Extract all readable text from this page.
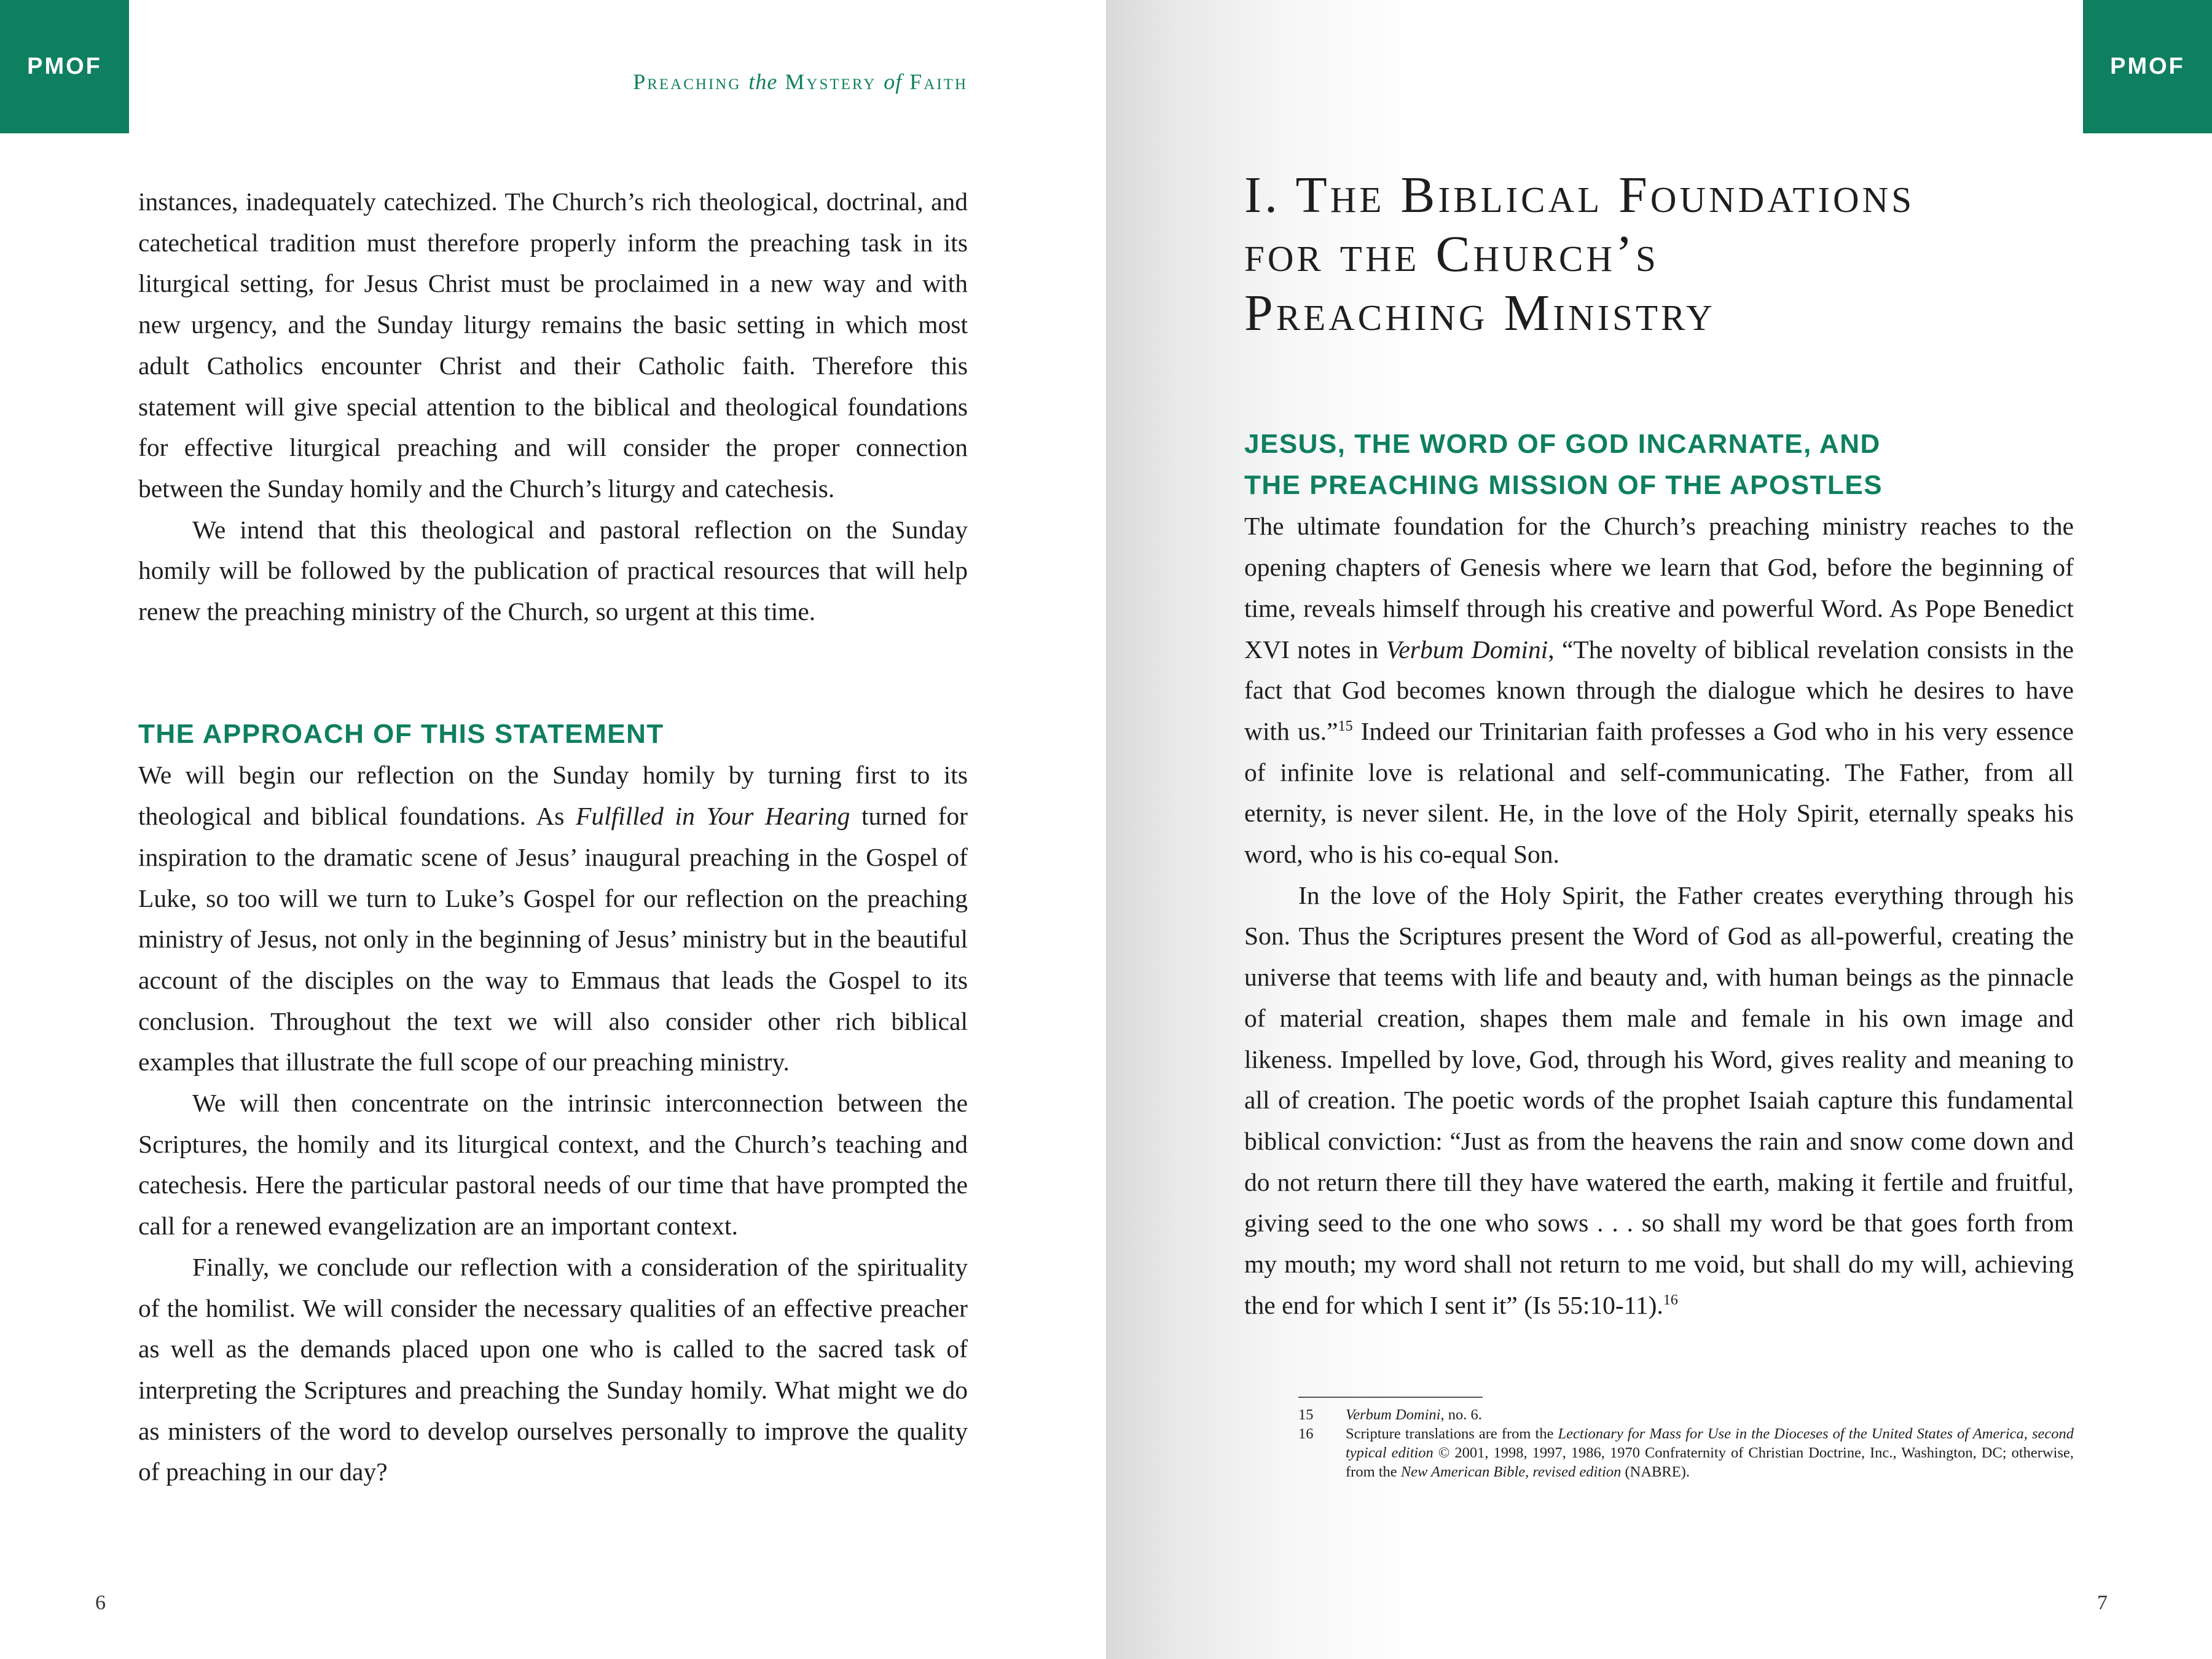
PMOF
Preaching the Mystery of Faith

instances, inadequately catechized. The Church’s rich theological, doctrinal, and catechetical tradition must therefore properly inform the preaching task in its liturgical setting, for Jesus Christ must be proclaimed in a new way and with new urgency, and the Sunday liturgy remains the basic setting in which most adult Catholics encounter Christ and their Catholic faith. Therefore this statement will give special attention to the biblical and theological foundations for effective liturgical preaching and will consider the proper connection between the Sunday homily and the Church’s liturgy and catechesis.

We intend that this theological and pastoral reflection on the Sunday homily will be followed by the publication of practical resources that will help renew the preaching ministry of the Church, so urgent at this time.

THE APPROACH OF THIS STATEMENT

We will begin our reflection on the Sunday homily by turning first to its theological and biblical foundations. As Fulfilled in Your Hearing turned for inspiration to the dramatic scene of Jesus’ inaugural preaching in the Gospel of Luke, so too will we turn to Luke’s Gospel for our reflection on the preaching ministry of Jesus, not only in the beginning of Jesus’ ministry but in the beautiful account of the disciples on the way to Emmaus that leads the Gospel to its conclusion. Throughout the text we will also consider other rich biblical examples that illustrate the full scope of our preaching ministry.

We will then concentrate on the intrinsic interconnection between the Scriptures, the homily and its liturgical context, and the Church’s teaching and catechesis. Here the particular pastoral needs of our time that have prompted the call for a renewed evangelization are an important context.

Finally, we conclude our reflection with a consideration of the spirituality of the homilist. We will consider the necessary qualities of an effective preacher as well as the demands placed upon one who is called to the sacred task of interpreting the Scriptures and preaching the Sunday homily. What might we do as ministers of the word to develop ourselves personally to improve the quality of preaching in our day?

6
PMOF
I. The Biblical Foundations
for the Church’s
Preaching Ministry
JESUS, THE WORD OF GOD INCARNATE, AND
THE PREACHING MISSION OF THE APOSTLES

The ultimate foundation for the Church’s preaching ministry reaches to the opening chapters of Genesis where we learn that God, before the beginning of time, reveals himself through his creative and powerful Word. As Pope Benedict XVI notes in Verbum Domini, “The novelty of biblical revelation consists in the fact that God becomes known through the dialogue which he desires to have with us.”$^{15}$ Indeed our Trinitarian faith professes a God who in his very essence of infinite love is relational and self-communicating. The Father, from all eternity, is never silent. He, in the love of the Holy Spirit, eternally speaks his word, who is his co-equal Son.

In the love of the Holy Spirit, the Father creates everything through his Son. Thus the Scriptures present the Word of God as all-powerful, creating the universe that teems with life and beauty and, with human beings as the pinnacle of material creation, shapes them male and female in his own image and likeness. Impelled by love, God, through his Word, gives reality and meaning to all of creation. The poetic words of the prophet Isaiah capture this fundamental biblical conviction: “Just as from the heavens the rain and snow come down and do not return there till they have watered the earth, making it fertile and fruitful, giving seed to the one who sows . . . so shall my word be that goes forth from my mouth; my word shall not return to me void, but shall do my will, achieving the end for which I sent it” (Is 55:10-11).$^{16}$

15	Verbum Domini, no. 6.
16	Scripture translations are from the Lectionary for Mass for Use in the Dioceses of the United States of America, second typical edition © 2001, 1998, 1997, 1986, 1970 Confraternity of Christian Doctrine, Inc., Washington, DC; otherwise, from the New American Bible, revised edition (NABRE).
7
